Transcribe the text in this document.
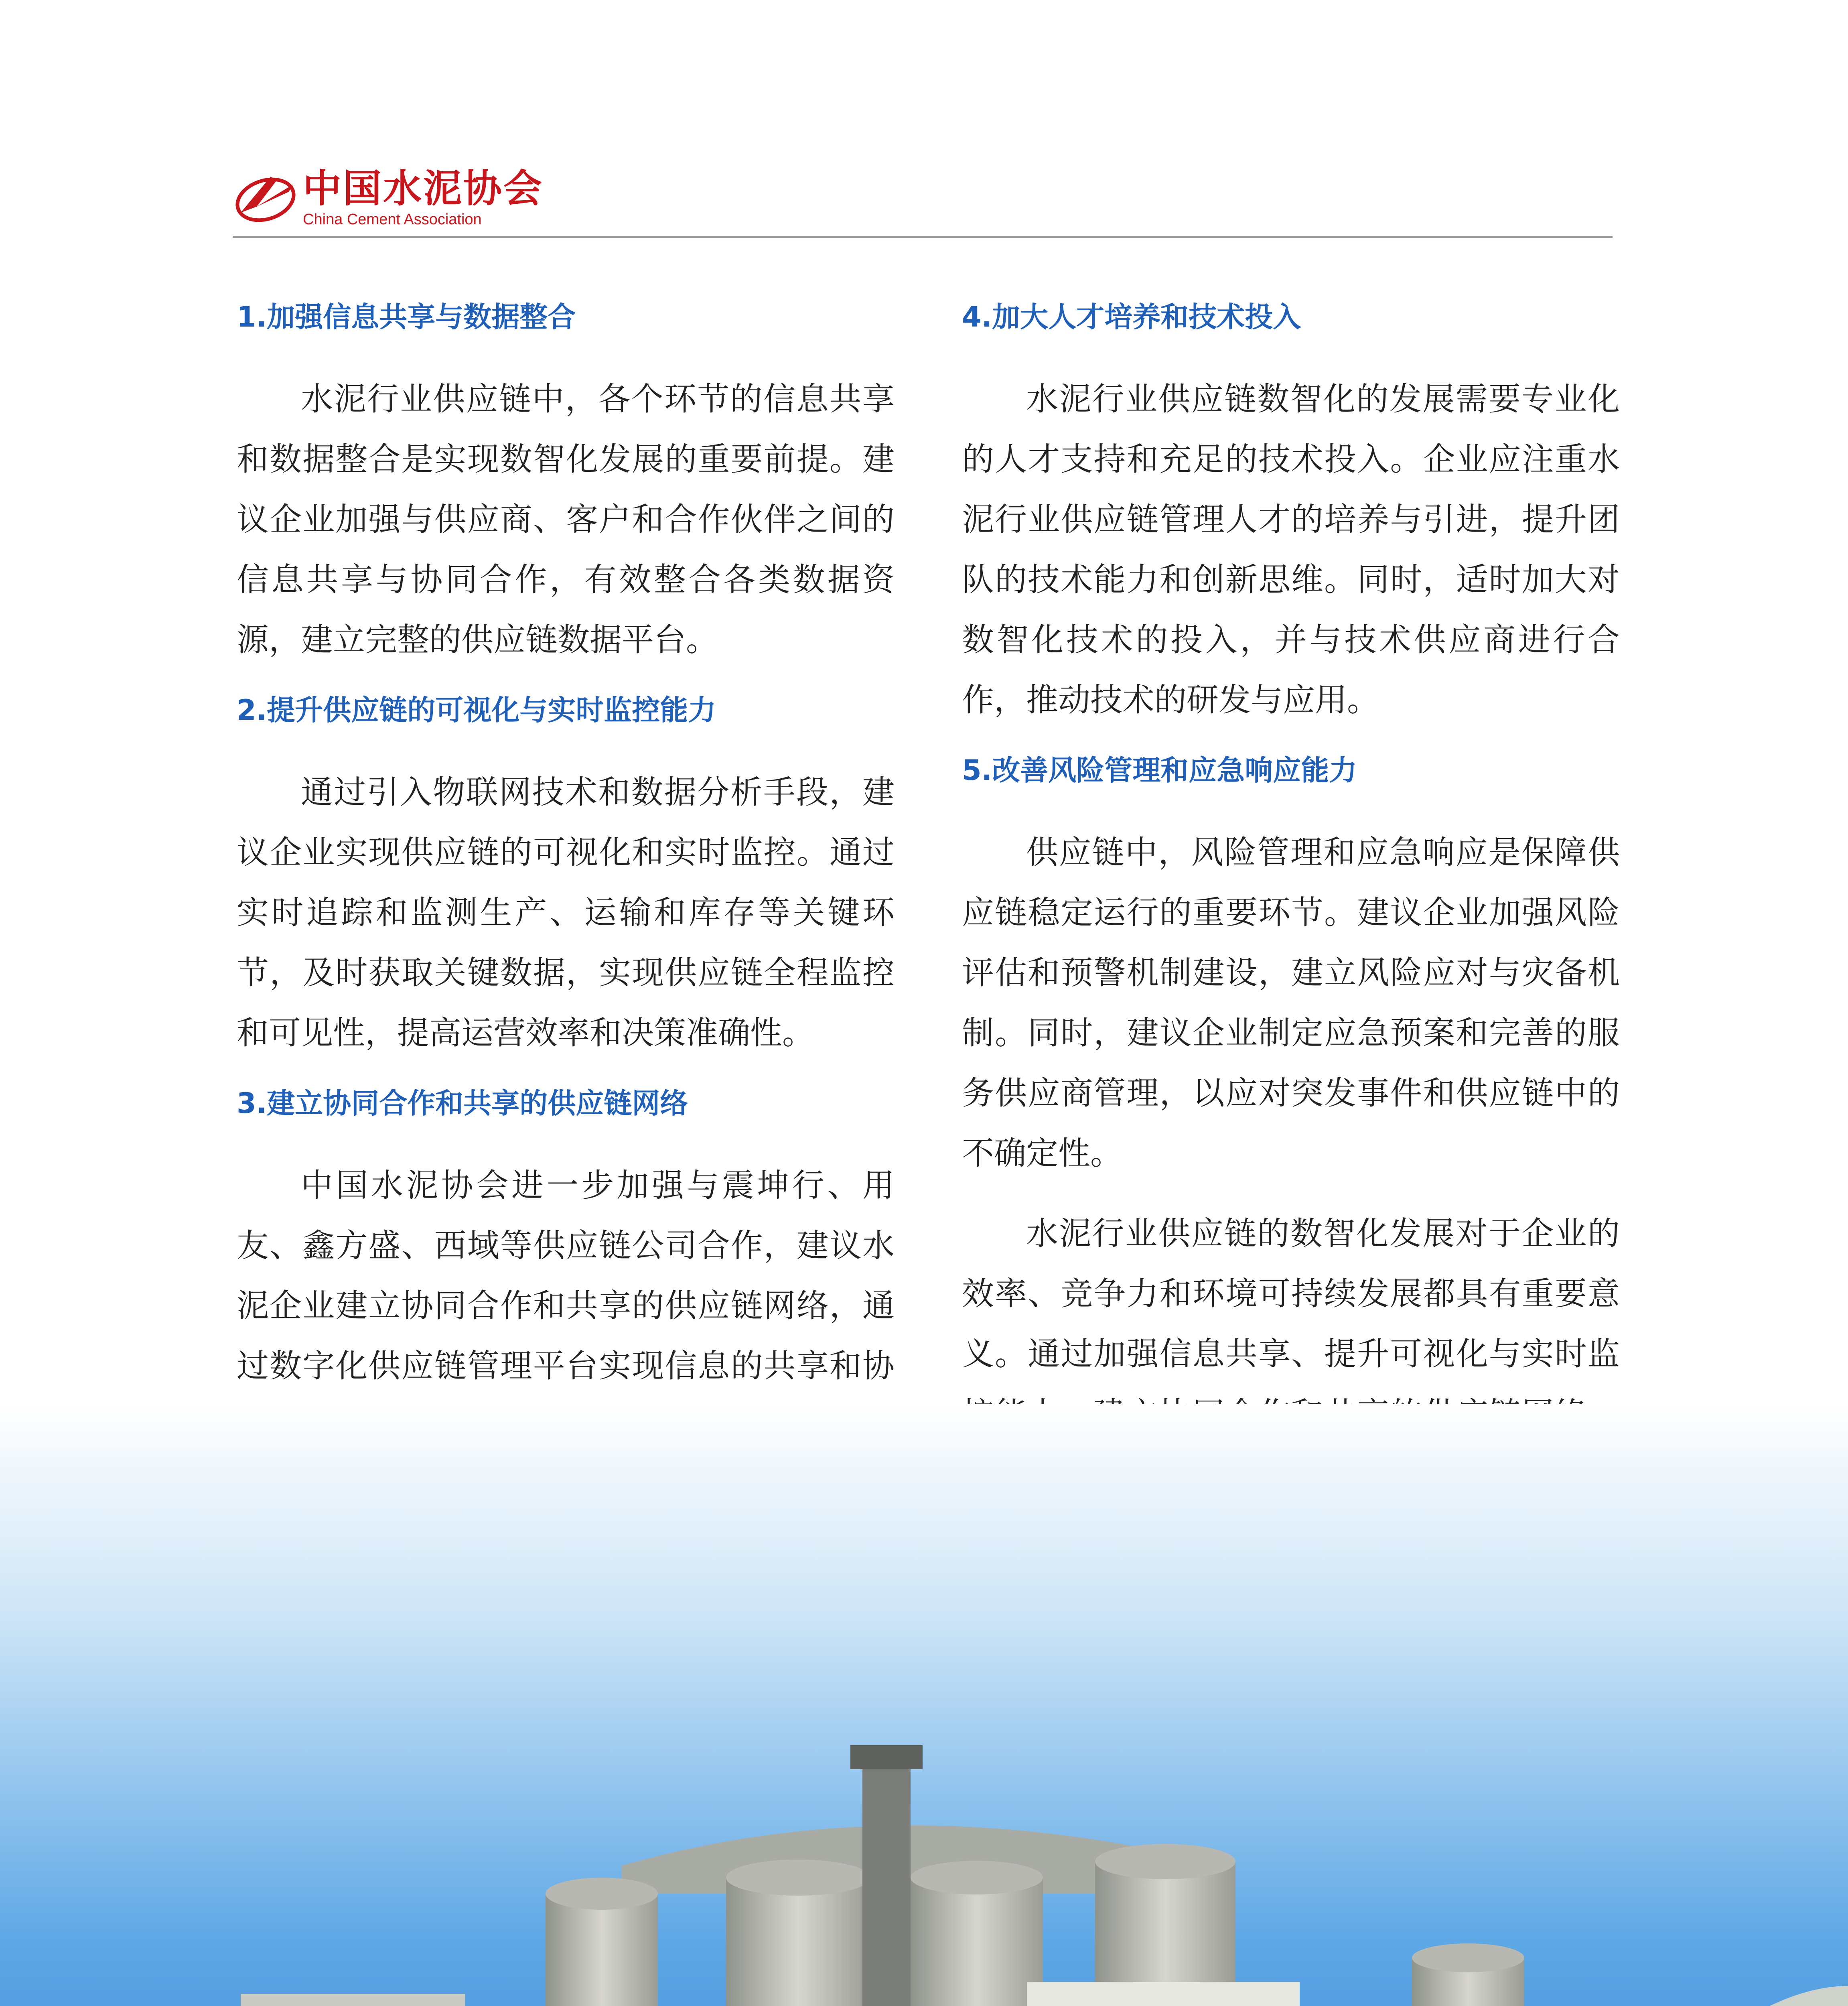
中国水泥协会
China Cement Association
1.加强信息共享与数据整合

水泥行业供应链中，各个环节的信息共享和数据整合是实现数智化发展的重要前提。建议企业加强与供应商、客户和合作伙伴之间的信息共享与协同合作，有效整合各类数据资源，建立完整的供应链数据平台。

2.提升供应链的可视化与实时监控能力

通过引入物联网技术和数据分析手段，建议企业实现供应链的可视化和实时监控。通过实时追踪和监测生产、运输和库存等关键环节，及时获取关键数据，实现供应链全程监控和可见性，提高运营效率和决策准确性。

3.建立协同合作和共享的供应链网络

中国水泥协会进一步加强与震坤行、用友、鑫方盛、西域等供应链公司合作，建议水泥企业建立协同合作和共享的供应链网络，通过数字化供应链管理平台实现信息的共享和协

4.加大人才培养和技术投入

水泥行业供应链数智化的发展需要专业化的人才支持和充足的技术投入。企业应注重水泥行业供应链管理人才的培养与引进，提升团队的技术能力和创新思维。同时，适时加大对数智化技术的投入，并与技术供应商进行合作，推动技术的研发与应用。

5.改善风险管理和应急响应能力

供应链中，风险管理和应急响应是保障供应链稳定运行的重要环节。建议企业加强风险评估和预警机制建设，建立风险应对与灾备机制。同时，建议企业制定应急预案和完善的服务供应商管理，以应对突发事件和供应链中的不确定性。

水泥行业供应链的数智化发展对于企业的效率、竞争力和环境可持续发展都具有重要意义。通过加强信息共享、提升可视化与实时监
